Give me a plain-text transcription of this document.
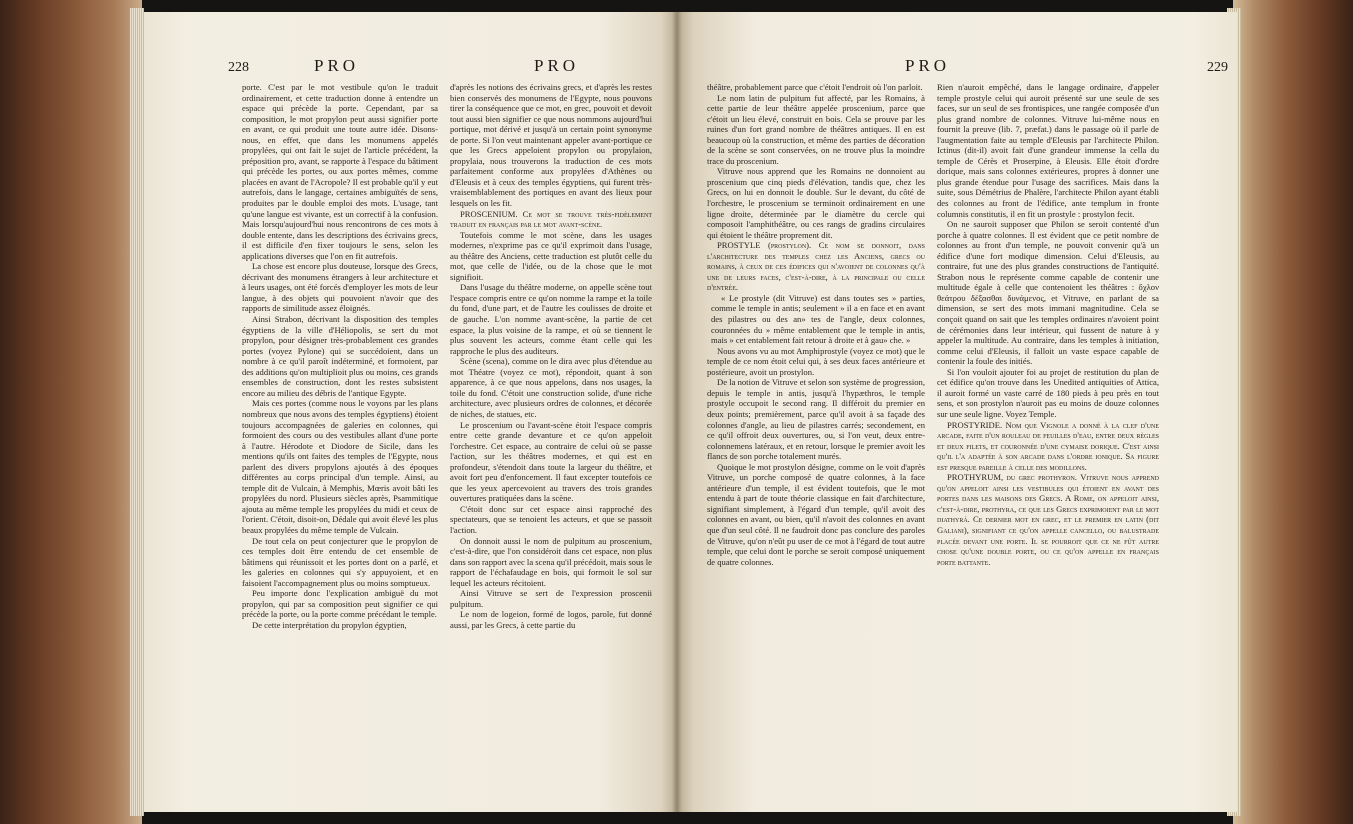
228	PRO	PRO

porte. C'est par le mot vestibule qu'on le traduit ordinairement, et cette traduction donne à entendre un espace qui précède la porte. Cependant, par sa composition, le mot propylon peut aussi signifier porte en avant, ce qui produit une toute autre idée. Disons-nous, en effet, que dans les monumens appelés propylées, qui ont fait le sujet de l'article précédent, la préposition pro, avant, se rapporte à l'espace du bâtiment qui précède les portes, ou aux portes mêmes, comme placées en avant de l'Acropole? Il est probable qu'il y eut autrefois, dans le langage, certaines ambiguïtés de sens, produites par le double emploi des mots. L'usage, tant qu'une langue est vivante, est un correctif à la confusion. Mais lorsqu'aujourd'hui nous rencontrons de ces mots à double entente, dans les descriptions des écrivains grecs, il est difficile d'en fixer toujours le sens, selon les applications diverses que l'on en fit autrefois.

La chose est encore plus douteuse, lorsque des Grecs, décrivant des monumens étrangers à leur architecture et à leurs usages, ont été forcés d'employer les mots de leur langue, à des objets qui pouvoient n'avoir que des rapports de similitude assez éloignés.

Ainsi Strabon, décrivant la disposition des temples égyptiens de la ville d'Héliopolis, se sert du mot propylon, pour désigner très-probablement ces grandes portes (voyez Pylone) qui se succédoient, dans un nombre à ce qu'il paroît indéterminé, et formoient, par des additions qu'on multiplioit plus ou moins, ces grands ensembles de construction, dont les restes subsistent encore au milieu des débris de l'antique Egypte.

Mais ces portes (comme nous le voyons par les plans nombreux que nous avons des temples égyptiens) étoient toujours accompagnées de galeries en colonnes, qui formoient des cours ou des vestibules allant d'une porte à l'autre. Hérodote et Diodore de Sicile, dans les mentions qu'ils ont faites des temples de l'Egypte, nous parlent des divers propylons ajoutés à des époques différentes au corps principal d'un temple. Ainsi, au temple dit de Vulcain, à Memphis, Mœris avoit bâti les propylées du nord. Plusieurs siècles après, Psammitique ajouta au même temple les propylées du midi et ceux de l'orient. C'étoit, disoit-on, Dédale qui avoit élevé les plus beaux propylées du même temple de Vulcain.

De tout cela on peut conjecturer que le propylon de ces temples doit être entendu de cet ensemble de bâtimens qui réunissoit et les portes dont on a parlé, et les galeries en colonnes qui s'y appuyoient, et en faisoient l'accompagnement plus ou moins somptueux.

Peu importe donc l'explication ambiguë du mot propylon, qui par sa composition peut signifier ce qui précède la porte, ou la porte comme précédant le temple.

De cette interprétation du propylon égyptien,

d'après les notions des écrivains grecs, et d'après les restes bien conservés des monumens de l'Egypte, nous pouvons tirer la conséquence que ce mot, en grec, pouvoit et devoit tout aussi bien signifier ce que nous nommons aujourd'hui portique, mot dérivé et jusqu'à un certain point synonyme de porte. Si l'on veut maintenant appeler avant-portique ce que les Grecs appeloient propylon ou propylaion, propylaia, nous trouverons la traduction de ces mots parfaitement conforme aux propylées d'Athènes ou d'Eleusis et à ceux des temples égyptiens, qui furent très-vraisemblablement des portiques en avant des lieux pour lesquels on les fit.

PROSCENIUM. Ce mot se trouve très-fidèlement traduit en français par le mot avant-scène.

Toutefois comme le mot scène, dans les usages modernes, n'exprime pas ce qu'il exprimoit dans l'usage, au théâtre des Anciens, cette traduction est plutôt celle du mot, que celle de l'idée, ou de la chose que le mot signifioit.

Dans l'usage du théâtre moderne, on appelle scène tout l'espace compris entre ce qu'on nomme la rampe et la toile du fond, d'une part, et de l'autre les coulisses de droite et de gauche. L'on nomme avant-scène, la partie de cet espace, la plus voisine de la rampe, et où se tiennent le plus souvent les acteurs, comme étant celle qui les rapproche le plus des auditeurs.

Scène (scena), comme on le dira avec plus d'étendue au mot Théatre (voyez ce mot), répondoit, quant à son apparence, à ce que nous appelons, dans nos usages, la toile du fond. C'étoit une construction solide, d'une riche architecture, avec plusieurs ordres de colonnes, et décorée de niches, de statues, etc.

Le proscenium ou l'avant-scène étoit l'espace compris entre cette grande devanture et ce qu'on appeloit l'orchestre. Cet espace, au contraire de celui où se passe l'action, sur les théâtres modernes, et qui est en profondeur, s'étendoit dans toute la largeur du théâtre, et avoit fort peu d'enfoncement. Il faut excepter toutefois ce que les yeux apercevoient au travers des trois grandes ouvertures pratiquées dans la scène.

C'étoit donc sur cet espace ainsi rapproché des spectateurs, que se tenoient les acteurs, et que se passoit l'action.

On donnoit aussi le nom de pulpitum au proscenium, c'est-à-dire, que l'on considéroit dans cet espace, non plus dans son rapport avec la scena qu'il précédoit, mais sous le rapport de l'échafaudage en bois, qui formoit le sol sur lequel les acteurs récitoient.

Ainsi Vitruve se sert de l'expression proscenii pulpitum.

Le nom de logeion, formé de logos, parole, fut donné aussi, par les Grecs, à cette partie du

PRO	229

théâtre, probablement parce que c'étoit l'endroit où l'on parloit.

Le nom latin de pulpitum fut affecté, par les Romains, à cette partie de leur théâtre appelée proscenium, parce que c'étoit un lieu élevé, construit en bois. Cela se prouve par les ruines d'un fort grand nombre de théâtres antiques. Il en est beaucoup où la construction, et même des parties de décoration de la scène se sont conservées, on ne trouve plus la moindre trace du proscenium.

Vitruve nous apprend que les Romains ne donnoient au proscenium que cinq pieds d'élévation, tandis que, chez les Grecs, on lui en donnoit le double. Sur le devant, du côté de l'orchestre, le proscenium se terminoit ordinairement en une ligne droite, déterminée par le diamètre du cercle qui composoit l'amphithéâtre, ou ces rangs de gradins circulaires qui étoient le théâtre proprement dit.

PROSTYLE (prostylon). Ce nom se donnoit, dans l'architecture des temples chez les Anciens, grecs ou romains, à ceux de ces édifices qui n'avoient de colonnes qu'à une de leurs faces, c'est-à-dire, à la principale ou celle d'entrée.

« Le prostyle (dit Vitruve) est dans toutes ses » parties, comme le temple in antis; seulement » il a en face et en avant des pilastres ou des an» tes de l'angle, deux colonnes, couronnées du » même entablement que le temple in antis, mais » cet entablement fait retour à droite et à gau» che. »

Nous avons vu au mot Amphiprostyle (voyez ce mot) que le temple de ce nom étoit celui qui, à ses deux faces antérieure et postérieure, avoit un prostylon.

De la notion de Vitruve et selon son système de progression, depuis le temple in antis, jusqu'à l'hypæthros, le temple prostyle occupoit le second rang. Il différoit du premier en deux points; premièrement, parce qu'il avoit à sa façade des colonnes d'angle, au lieu de pilastres carrés; secondement, en ce qu'il offroit deux ouvertures, ou, si l'on veut, deux entre-colonnemens latéraux, et en retour, lorsque le premier avoit les flancs de son porche totalement murés.

Quoique le mot prostylon désigne, comme on le voit d'après Vitruve, un porche composé de quatre colonnes, à la face antérieure d'un temple, il est évident toutefois, que le mot entendu à part de toute théorie classique en fait d'architecture, signifiant simplement, à l'égard d'un temple, qu'il avoit des colonnes en avant, ou bien, qu'il n'avoit des colonnes en avant que d'un seul côté. Il ne faudroit donc pas conclure des paroles de Vitruve, qu'on n'eût pu user de ce mot à l'égard de tout autre temple, que celui dont le porche se seroit composé uniquement de quatre colonnes.

Rien n'auroit empêché, dans le langage ordinaire, d'appeler temple prostyle celui qui auroit présenté sur une seule de ses faces, sur un seul de ses frontispices, une rangée composée d'un plus grand nombre de colonnes. Vitruve lui-même nous en fournit la preuve (lib. 7, præfat.) dans le passage où il parle de l'augmentation faite au temple d'Eleusis par l'architecte Philon. Ictinus (dit-il) avoit fait d'une grandeur immense la cella du temple de Cérès et Proserpine, à Eleusis. Elle étoit d'ordre dorique, mais sans colonnes extérieures, propres à donner une plus grande étendue pour l'usage des sacrifices. Mais dans la suite, sous Démétrius de Phalère, l'architecte Philon ayant établi des colonnes au front de l'édifice, ante templum in fronte columnis constitutis, il en fit un prostyle : prostylon fecit.

On ne sauroit supposer que Philon se seroit contenté d'un porche à quatre colonnes. Il est évident que ce petit nombre de colonnes au front d'un temple, ne pouvoit convenir qu'à un édifice d'une fort modique dimension. Celui d'Eleusis, au contraire, fut une des plus grandes constructions de l'antiquité. Strabon nous le représente comme capable de contenir une multitude égale à celle que contenoient les théâtres : ὄχλον θεάτρου δέξασθαι δυνάμενος, et Vitruve, en parlant de sa dimension, se sert des mots immani magnitudine. Cela se conçoit quand on sait que les temples ordinaires n'avoient point de cérémonies dans leur intérieur, qui fussent de nature à y appeler la multitude. Au contraire, dans les temples à initiation, comme celui d'Eleusis, il falloit un vaste espace capable de contenir la foule des initiés.

Si l'on vouloit ajouter foi au projet de restitution du plan de cet édifice qu'on trouve dans les Unedited antiquities of Attica, il auroit formé un vaste carré de 180 pieds à peu près en tout sens, et son prostylon n'auroit pas eu moins de douze colonnes sur une seule ligne. Voyez Temple.

PROSTYRIDE. Nom que Vignole a donné à la clef d'une arcade, faite d'un rouleau de feuilles d'eau, entre deux règles et deux filets, et couronnée d'une cymaise dorique. C'est ainsi qu'il l'a adaptée à son arcade dans l'ordre ionique. Sa figure est presque pareille à celle des modillons.

PROTHYRUM, du grec prothyron. Vitruve nous apprend qu'on appeloit ainsi les vestibules qui étoient en avant des portes dans les maisons des Grecs. A Rome, on appeloit ainsi, c'est-à-dire, prothyra, ce que les Grecs exprimoient par le mot diathyrá. Ce dernier mot en grec, et le premier en latin (dit Galiani), signifiant ce qu'on appelle cancello, ou balustrade placée devant une porte. Il se pourroit que ce ne fût autre chose qu'une double porte, ou ce qu'on appelle en français porte battante.
